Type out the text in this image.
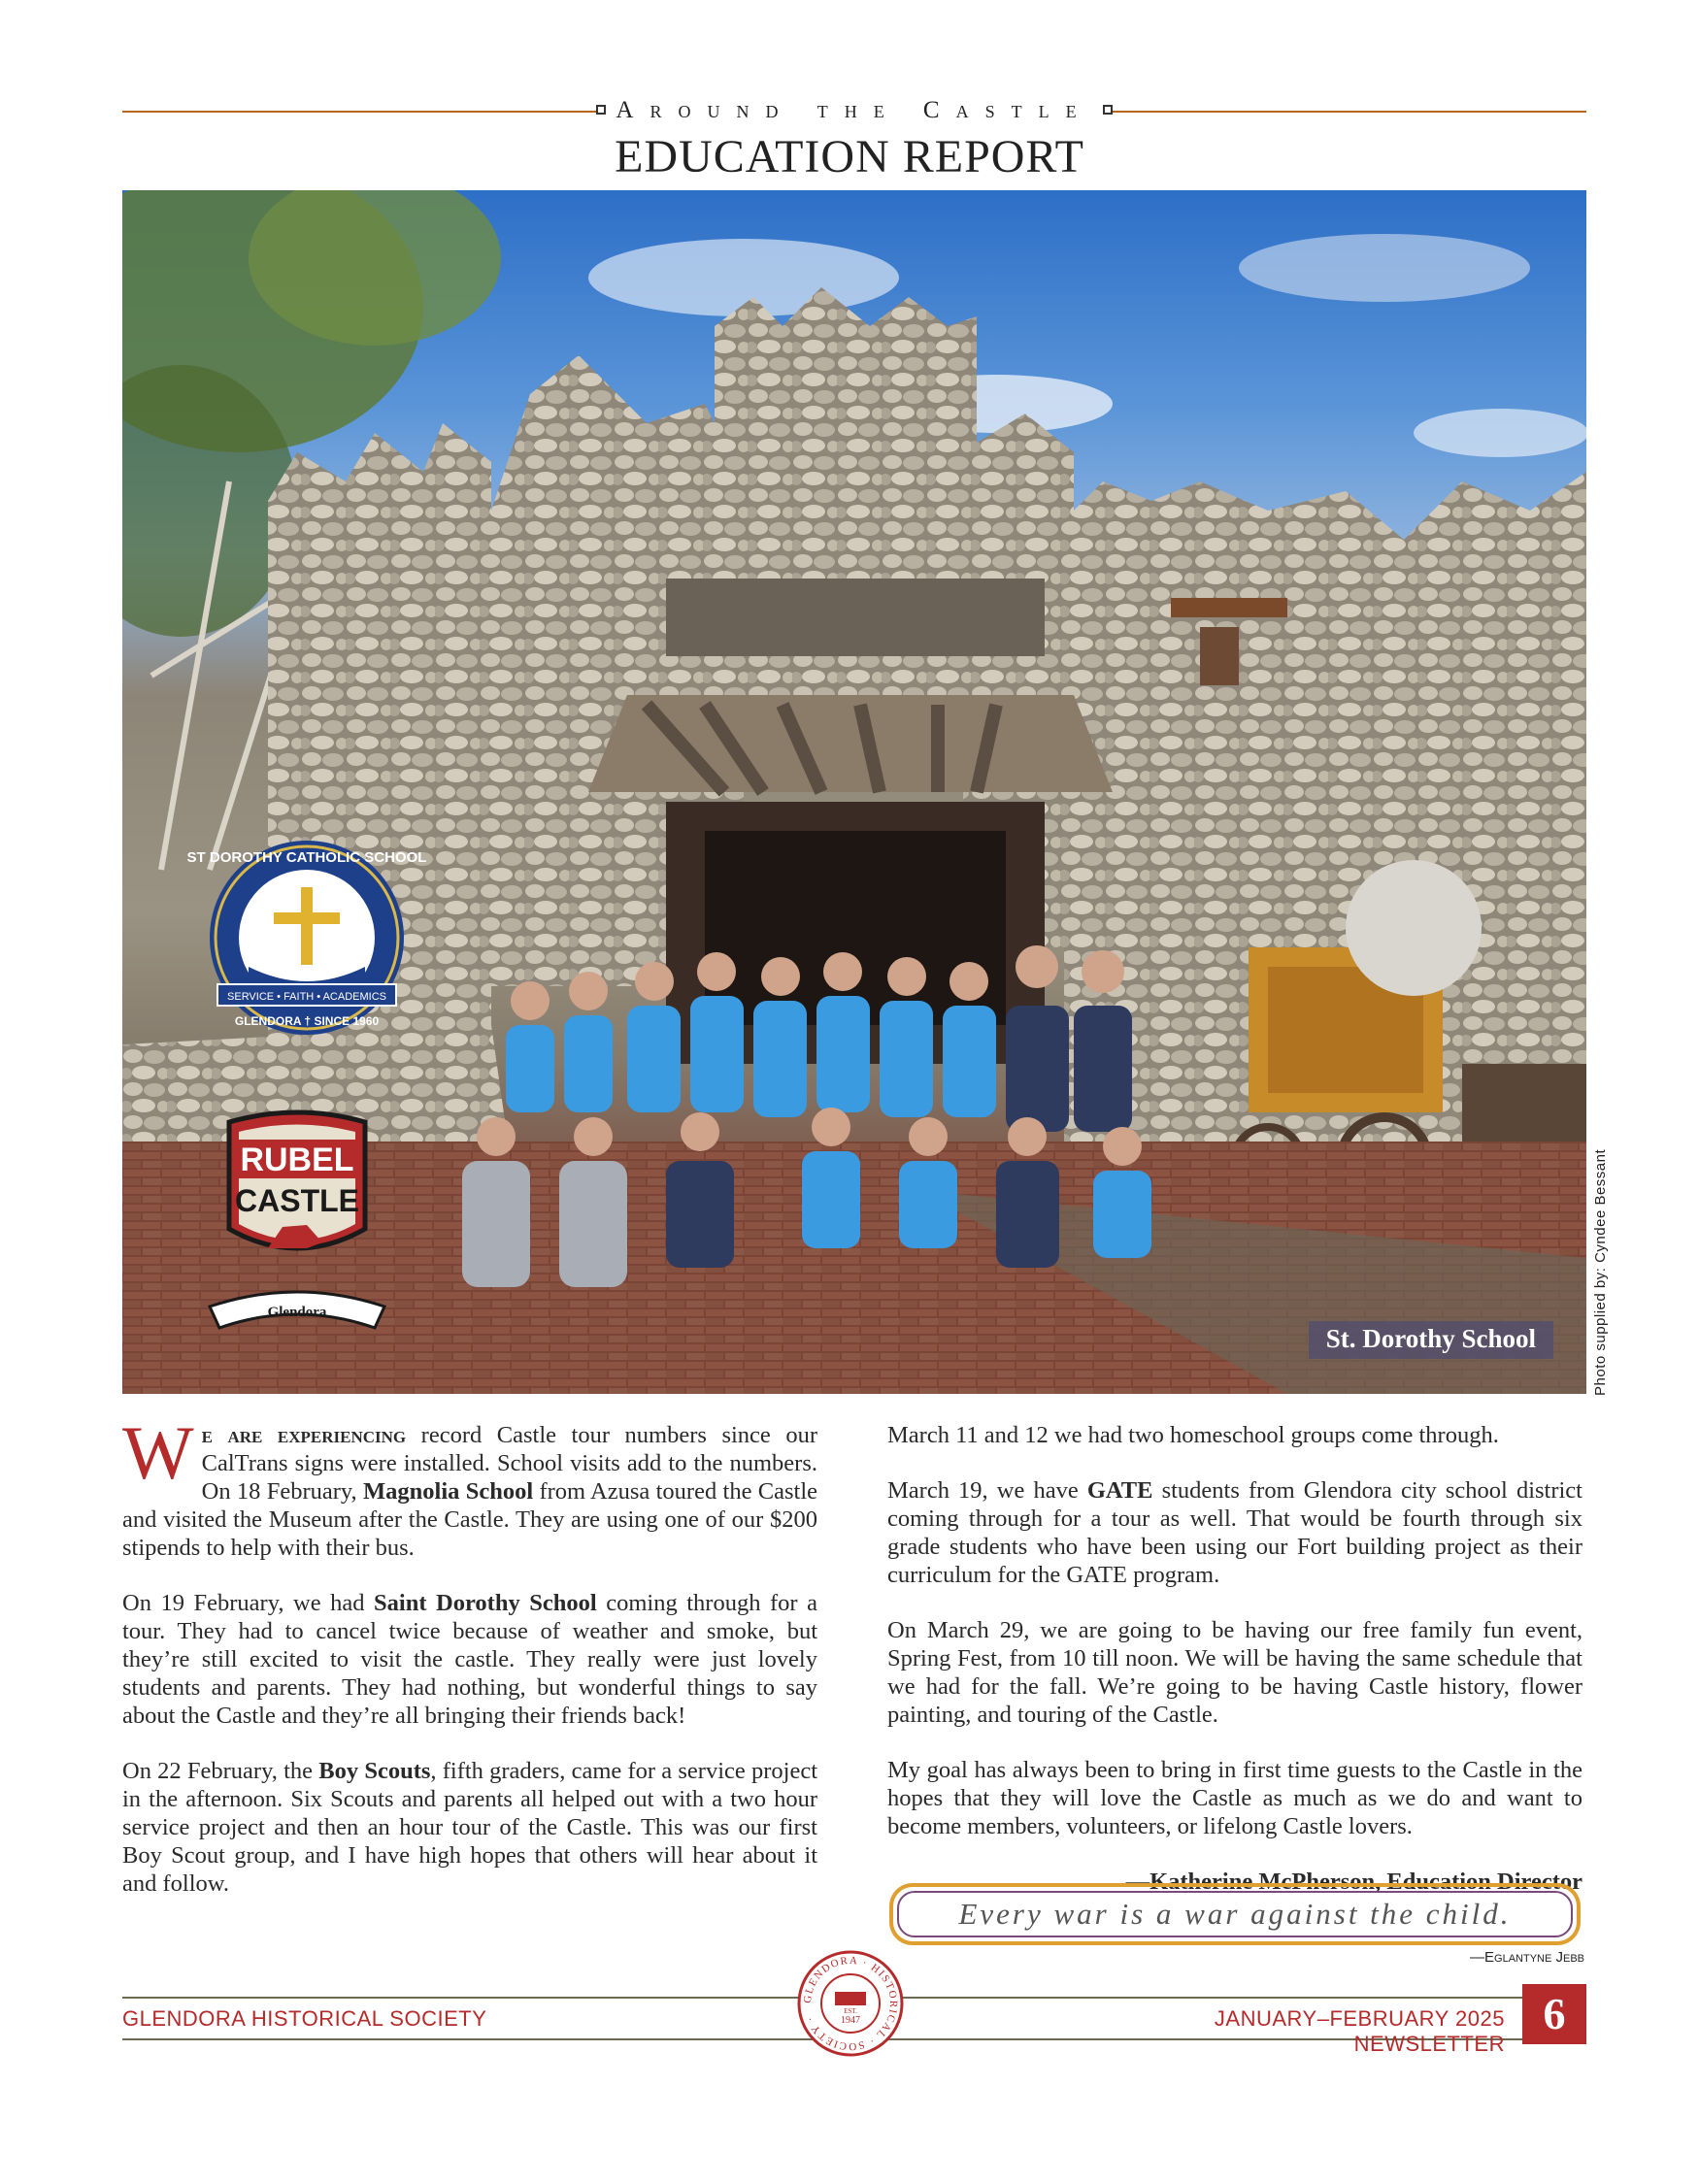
Around the Castle
EDUCATION REPORT
ST DOROTHY CATHOLIC SCHOOL
SERVICE • FAITH • ACADEMICS
GLENDORA † SINCE 1960
RUBEL
CASTLE
Glendora
St. Dorothy School	Photo supplied by: Cyndee Bessant

We are experiencing record Castle tour numbers since our CalTrans signs were installed. School visits add to the numbers. On 18 February, Magnolia School from Azusa toured the Castle and visited the Museum after the Castle. They are using one of our $200 stipends to help with their bus.

On 19 February, we had Saint Dorothy School coming through for a tour. They had to cancel twice because of weather and smoke, but they’re still excited to visit the castle. They really were just lovely students and parents. They had nothing, but wonderful things to say about the Castle and they’re all bringing their friends back!

On 22 February, the Boy Scouts, fifth graders, came for a service project in the afternoon. Six Scouts and parents all helped out with a two hour service project and then an hour tour of the Castle. This was our first Boy Scout group, and I have high hopes that others will hear about it and follow.

March 11 and 12 we had two homeschool groups come through.

March 19, we have GATE students from Glendora city school district coming through for a tour as well. That would be fourth through six grade students who have been using our Fort building project as their curriculum for the GATE program.

On March 29, we are going to be having our free family fun event, Spring Fest, from 10 till noon. We will be having the same schedule that we had for the fall. We’re going to be having Castle history, flower painting, and touring of the Castle.

My goal has always been to bring in first time guests to the Castle in the hopes that they will love the Castle as much as we do and want to become members, volunteers, or lifelong Castle lovers.

—Katherine McPherson, Education Director

Every war is a war against the child.
—Eglantyne Jebb
GLENDORA HISTORICAL SOCIETY
GLENDORA · HISTORICAL · SOCIETY ·
EST.
1947	JANUARY–FEBRUARY 2025 NEWSLETTER
6
